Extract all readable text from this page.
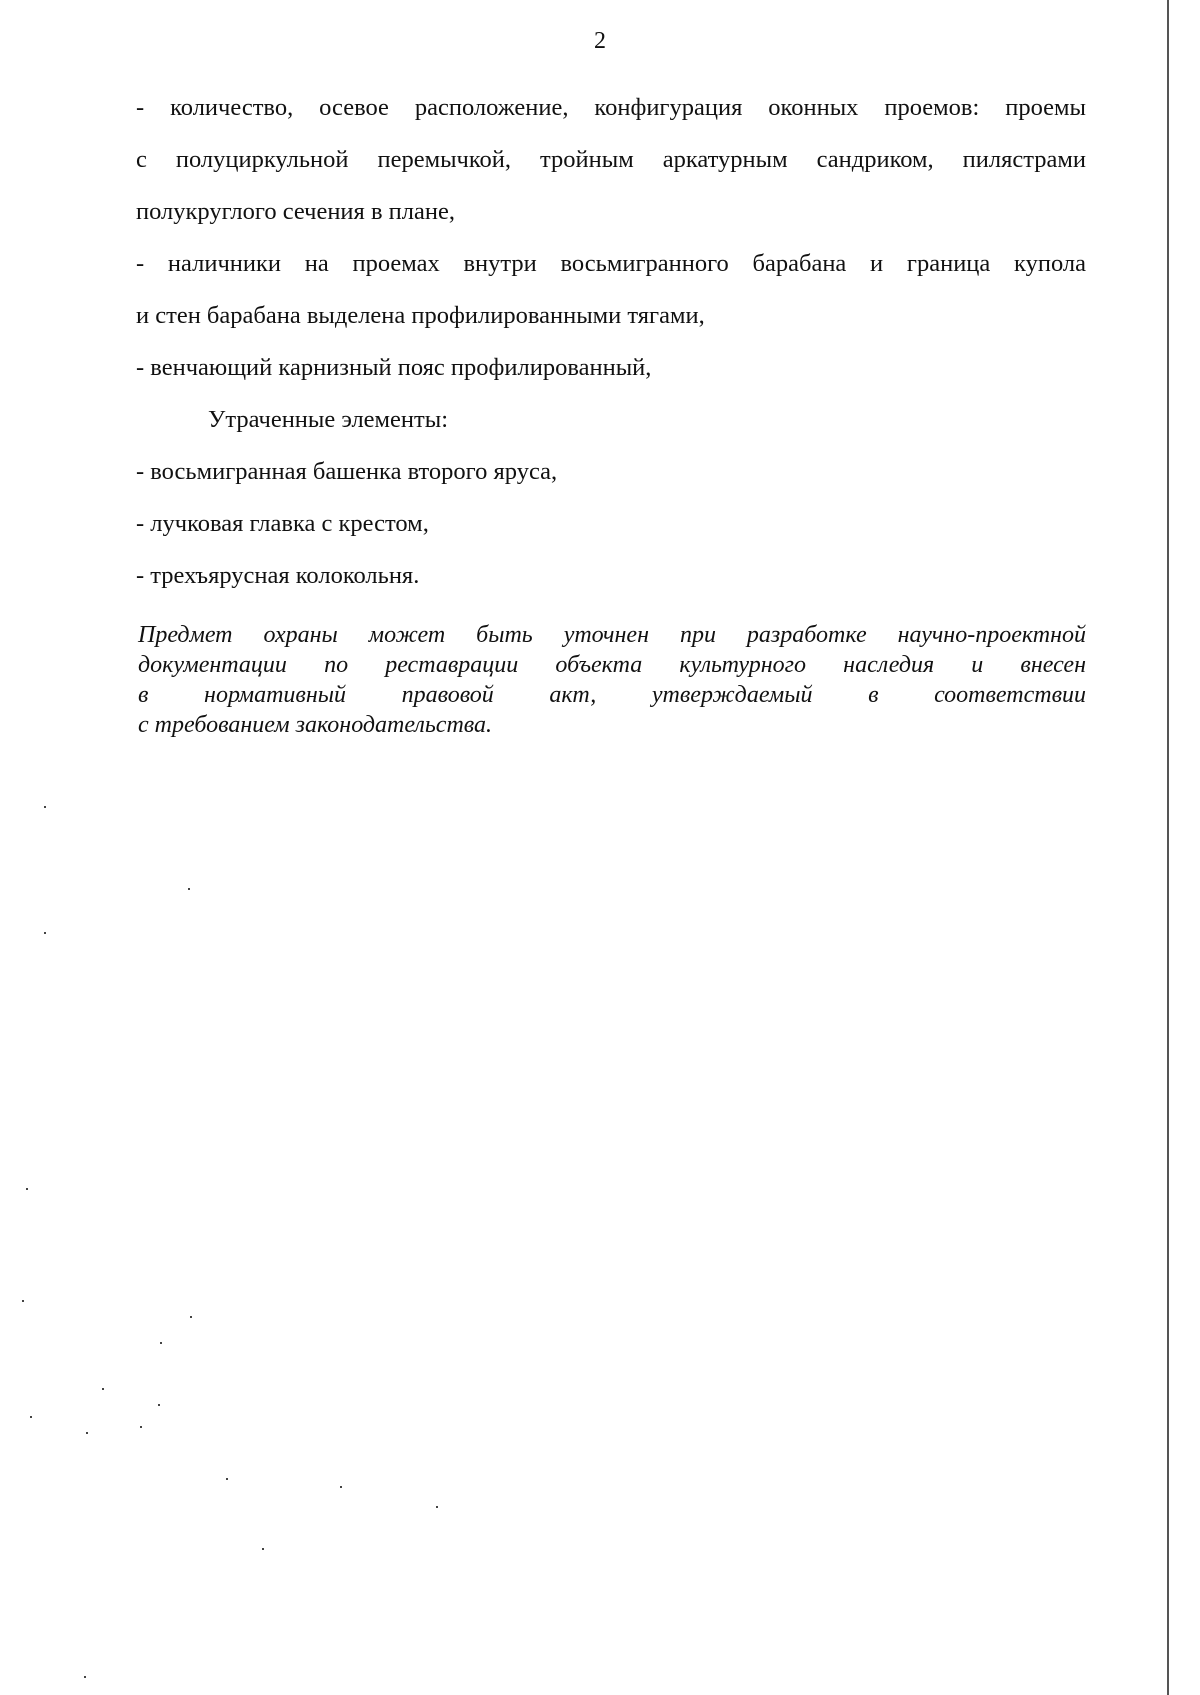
2
- количество, осевое расположение, конфигурация оконных проемов: проемы
с полуциркульной перемычкой, тройным аркатурным сандриком, пилястрами
полукруглого сечения в плане,
- наличники на проемах внутри восьмигранного барабана и граница купола
и стен барабана выделена профилированными тягами,
- венчающий карнизный пояс профилированный,
Утраченные элементы:
- восьмигранная башенка второго яруса,
- лучковая главка с крестом,
- трехъярусная колокольня.
Предмет охраны может быть уточнен при разработке научно-проектной
документации по реставрации объекта культурного наследия и внесен
в нормативный правовой акт, утверждаемый в соответствии
с требованием законодательства.
